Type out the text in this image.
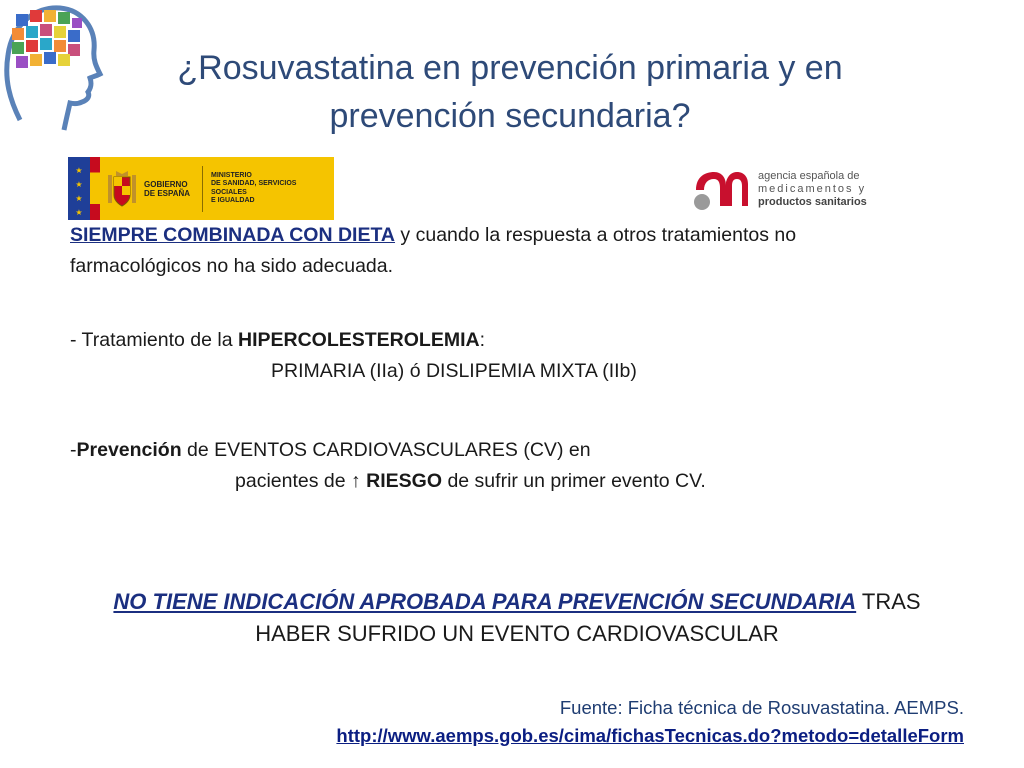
¿Rosuvastatina en prevención primaria y en
prevención secundaria?
★
★
★
★
GOBIERNO
DE ESPAÑA
MINISTERIO
DE SANIDAD, SERVICIOS SOCIALES
E IGUALDAD
agencia española de
medicamentos y
productos sanitarios
SIEMPRE COMBINADA CON DIETA y cuando la respuesta a otros tratamientos no
farmacológicos no ha sido adecuada.
- Tratamiento de la HIPERCOLESTEROLEMIA:
PRIMARIA (IIa) ó DISLIPEMIA MIXTA (IIb)
-Prevención de EVENTOS CARDIOVASCULARES (CV) en
pacientes de ↑ RIESGO de sufrir un primer evento CV.
NO TIENE INDICACIÓN APROBADA PARA PREVENCIÓN SECUNDARIA TRAS
HABER SUFRIDO UN EVENTO CARDIOVASCULAR
Fuente: Ficha técnica de Rosuvastatina. AEMPS.
http://www.aemps.gob.es/cima/fichasTecnicas.do?metodo=detalleForm
